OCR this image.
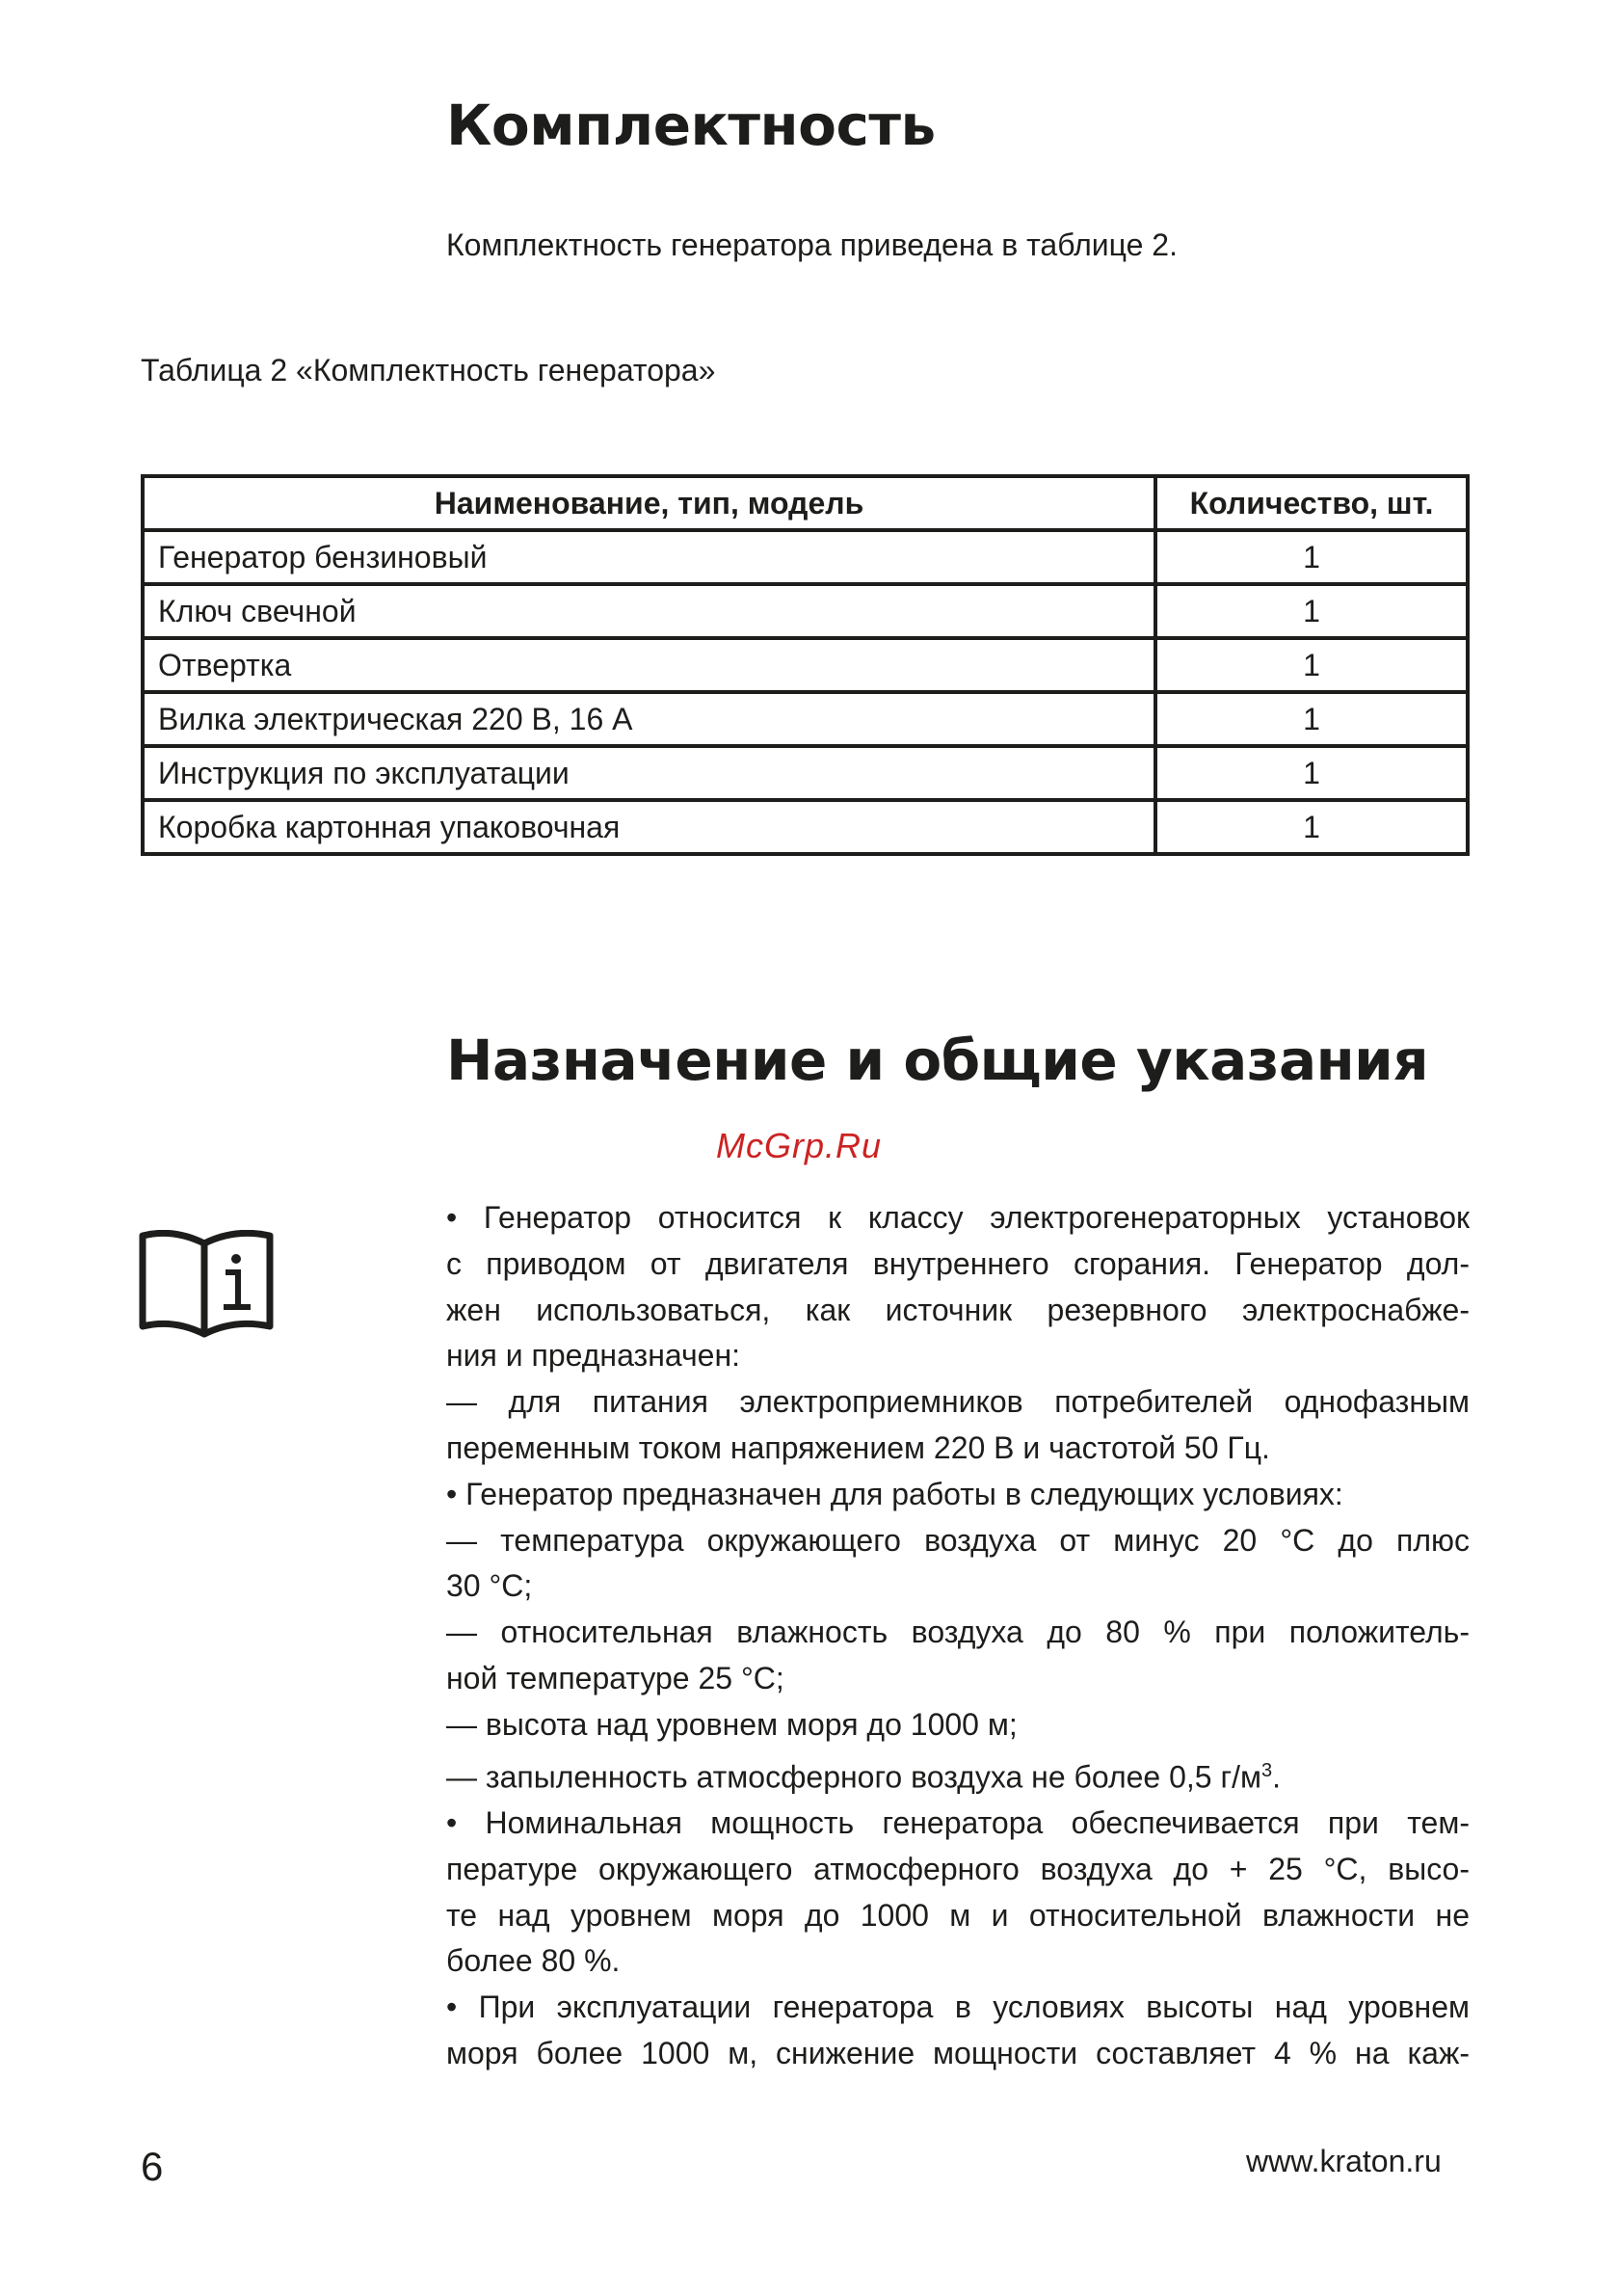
Комплектность
Комплектность генератора приведена в таблице 2.
Таблица 2 «Комплектность генератора»
Наименование, тип, модель	Количество, шт.
Генератор бензиновый	1
Ключ свечной	1
Отвертка	1
Вилка электрическая 220 В, 16 А	1
Инструкция по эксплуатации	1
Коробка картонная упаковочная	1
Назначение и общие указания
McGrp.Ru
• Генератор относится к классу электрогенераторных установок
с приводом от двигателя внутреннего сгорания. Генератор дол-
жен использоваться, как источник резервного электроснабже-
ния и предназначен:
— для питания электроприемников потребителей однофазным
переменным током напряжением 220 В и частотой 50 Гц.
• Генератор предназначен для работы в следующих условиях:
— температура окружающего воздуха от минус 20 °С до плюс
30 °С;
— относительная влажность воздуха до 80 % при положитель-
ной температуре 25 °С;
— высота над уровнем моря до 1000 м;
— запыленность атмосферного воздуха не более 0,5 $г/м^3$.
• Номинальная мощность генератора обеспечивается при тем-
пературе окружающего атмосферного воздуха до + 25 °С, высо-
те над уровнем моря до 1000 м и относительной влажности не
более 80 %.
• При эксплуатации генератора в условиях высоты над уровнем
моря более 1000 м, снижение мощности составляет 4 % на каж-
6	www.kraton.ru
